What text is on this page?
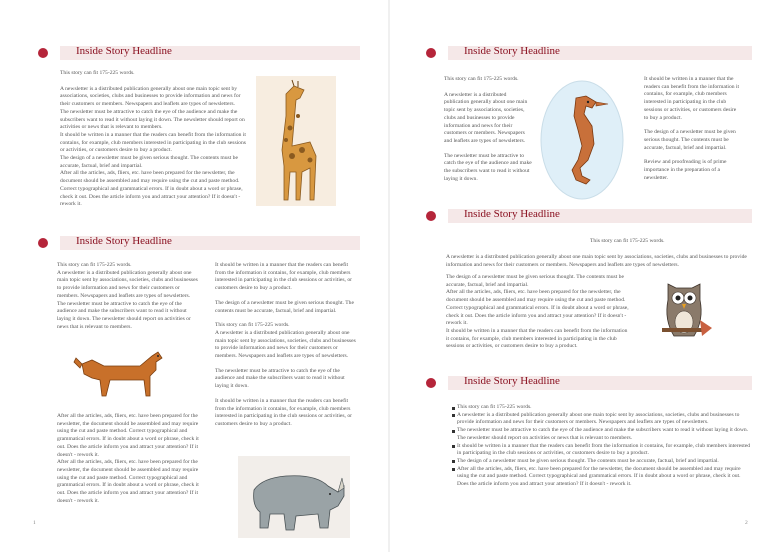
Inside Story Headline

This story can fit 175-225 words.

A newsletter is a distributed publication generally about one main topic sent by associations, societies, clubs and businesses to provide information and news for their customers or members. Newspapers and leaflets are types of newsletters.

The newsletter must be attractive to catch the eye of the audience and make the subscribers want to read it without laying it down. The newsletter should report on activities or news that is relevant to members.

It should be written in a manner that the readers can benefit from the information it contains, for example, club members interested in participating in the club sessions or activities, or customers desire to buy a product.

The design of a newsletter must be given serious thought. The contents must be accurate, factual, brief and impartial.

After all the articles, ads, fliers, etc. have been prepared for the newsletter, the document should be assembled and may require using the cut and paste method. Correct typographical and grammatical errors. If in doubt about a word or phrase, check it out. Does the article inform you and attract your attention? If it doesn't - rework it.

Inside Story Headline

This story can fit 175-225 words.

A newsletter is a distributed publication generally about one main topic sent by associations, societies, clubs and businesses to provide information and news for their customers or members. Newspapers and leaflets are types of newsletters.

The newsletter must be attractive to catch the eye of the audience and make the subscribers want to read it without laying it down. The newsletter should report on activities or news that is relevant to members.

After all the articles, ads, fliers, etc. have been prepared for the newsletter, the document should be assembled and may require using the cut and paste method. Correct typographical and grammatical errors. If in doubt about a word or phrase, check it out. Does the article inform you and attract your attention? If it doesn't - rework it.

After all the articles, ads, fliers, etc. have been prepared for the newsletter, the document should be assembled and may require using the cut and paste method. Correct typographical and grammatical errors. If in doubt about a word or phrase, check it out. Does the article inform you and attract your attention? If it doesn't - rework it.

It should be written in a manner that the readers can benefit from the information it contains, for example, club members interested in participating in the club sessions or activities, or customers desire to buy a product.

The design of a newsletter must be given serious thought. The contents must be accurate, factual, brief and impartial.

This story can fit 175-225 words.

A newsletter is a distributed publication generally about one main topic sent by associations, societies, clubs and businesses to provide information and news for their customers or members. Newspapers and leaflets are types of newsletters.

The newsletter must be attractive to catch the eye of the audience and make the subscribers want to read it without laying it down.

It should be written in a manner that the readers can benefit from the information it contains, for example, club members interested in participating in the club sessions or activities, or customers desire to buy a product.

1
Inside Story Headline

This story can fit 175-225 words.

A newsletter is a distributed publication generally about one main topic sent by associations, societies, clubs and businesses to provide information and news for their customers or members. Newspapers and leaflets are types of newsletters.

The newsletter must be attractive to catch the eye of the audience and make the subscribers want to read it without laying it down.

It should be written in a manner that the readers can benefit from the information it contains, for example, club members interested in participating in the club sessions or activities, or customers desire to buy a product.

The design of a newsletter must be given serious thought. The contents must be accurate, factual, brief and impartial.

Review and proofreading is of prime importance in the preparation of a newsletter.

Inside Story Headline
This story can fit 175-225 words.
A newsletter is a distributed publication generally about one main topic sent by associations, societies, clubs and businesses to provide information and news for their customers or members. Newspapers and leaflets are types of newsletters.

The design of a newsletter must be given serious thought. The contents must be accurate, factual, brief and impartial.

After all the articles, ads, fliers, etc. have been prepared for the newsletter, the document should be assembled and may require using the cut and paste method. Correct typographical and grammatical errors. If in doubt about a word or phrase, check it out. Does the article inform you and attract your attention? If it doesn't - rework it.

It should be written in a manner that the readers can benefit from the information it contains, for example, club members interested in participating in the club sessions or activities, or customers desire to buy a product.

Inside Story Headline
This story can fit 175-225 words.
A newsletter is a distributed publication generally about one main topic sent by associations, societies, clubs and businesses to provide information and news for their customers or members. Newspapers and leaflets are types of newsletters.
The newsletter must be attractive to catch the eye of the audience and make the subscribers want to read it without laying it down. The newsletter should report on activities or news that is relevant to members.
It should be written in a manner that the readers can benefit from the information it contains, for example, club members interested in participating in the club sessions or activities, or customers desire to buy a product.
The design of a newsletter must be given serious thought. The contents must be accurate, factual, brief and impartial.
After all the articles, ads, fliers, etc. have been prepared for the newsletter, the document should be assembled and may require using the cut and paste method. Correct typographical and grammatical errors. If in doubt about a word or phrase, check it out. Does the article inform you and attract your attention? If it doesn't - rework it.
2
